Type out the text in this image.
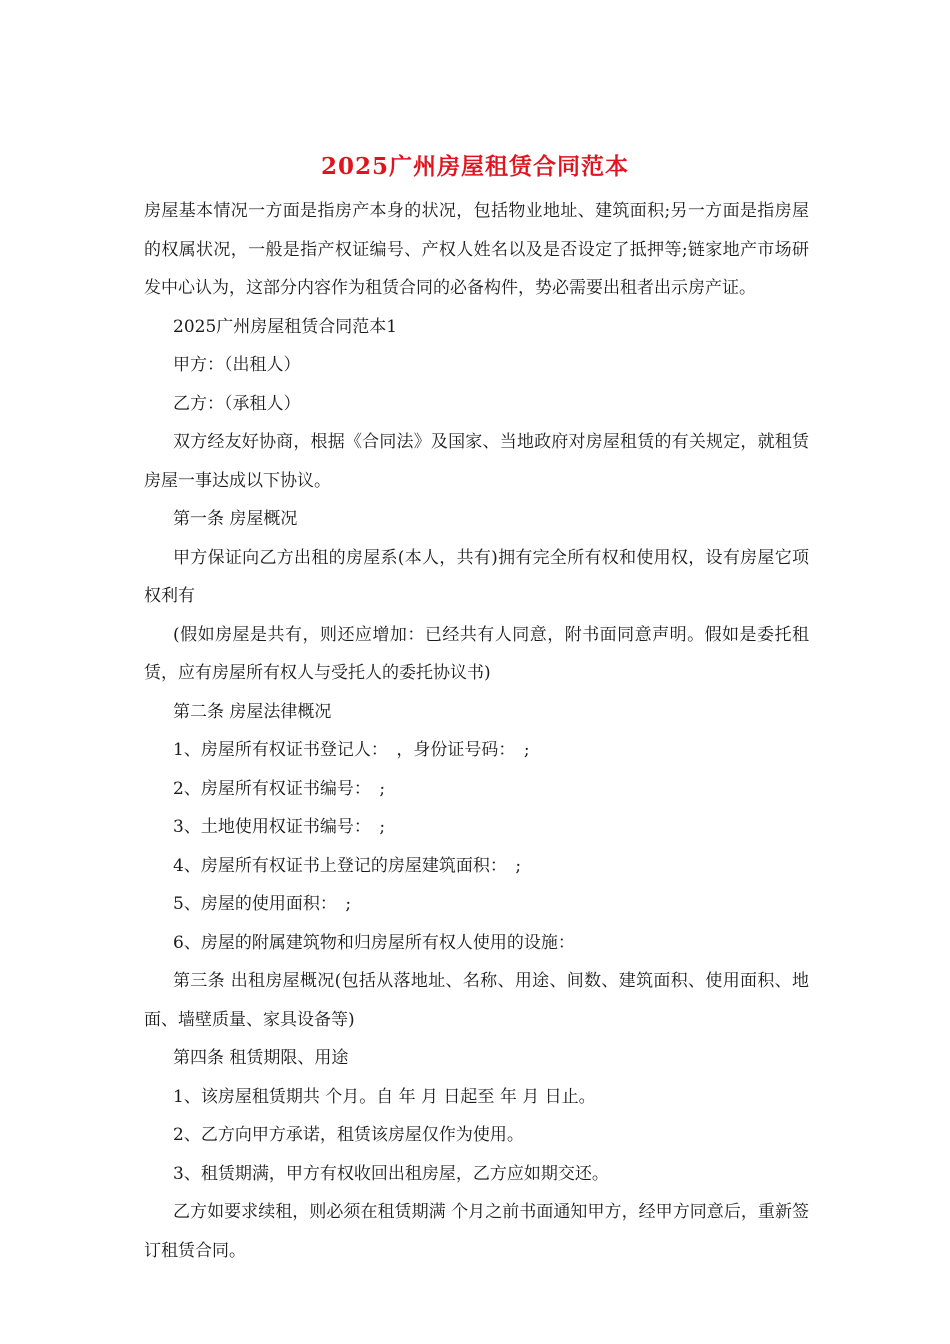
2025广州房屋租赁合同范本

房屋基本情况一方面是指房产本身的状况，包括物业地址、建筑面积;另一方面是指房屋的权属状况，一般是指产权证编号、产权人姓名以及是否设定了抵押等;链家地产市场研发中心认为，这部分内容作为租赁合同的必备构件，势必需要出租者出示房产证。

2025广州房屋租赁合同范本1

甲方：（出租人）

乙方：（承租人）

双方经友好协商，根据《合同法》及国家、当地政府对房屋租赁的有关规定，就租赁房屋一事达成以下协议。

第一条 房屋概况

甲方保证向乙方出租的房屋系(本人，共有)拥有完全所有权和使用权，设有房屋它项权利有

(假如房屋是共有，则还应增加：已经共有人同意，附书面同意声明。假如是委托租赁，应有房屋所有权人与受托人的委托协议书)

第二条 房屋法律概况

1、房屋所有权证书登记人：　，身份证号码：　;

2、房屋所有权证书编号：　;

3、土地使用权证书编号：　;

4、房屋所有权证书上登记的房屋建筑面积：　;

5、房屋的使用面积：　;

6、房屋的附属建筑物和归房屋所有权人使用的设施：

第三条 出租房屋概况(包括从落地址、名称、用途、间数、建筑面积、使用面积、地面、墙壁质量、家具设备等)

第四条 租赁期限、用途

1、该房屋租赁期共 个月。自 年 月 日起至 年 月 日止。

2、乙方向甲方承诺，租赁该房屋仅作为使用。

3、租赁期满，甲方有权收回出租房屋，乙方应如期交还。

乙方如要求续租，则必须在租赁期满 个月之前书面通知甲方，经甲方同意后，重新签订租赁合同。
